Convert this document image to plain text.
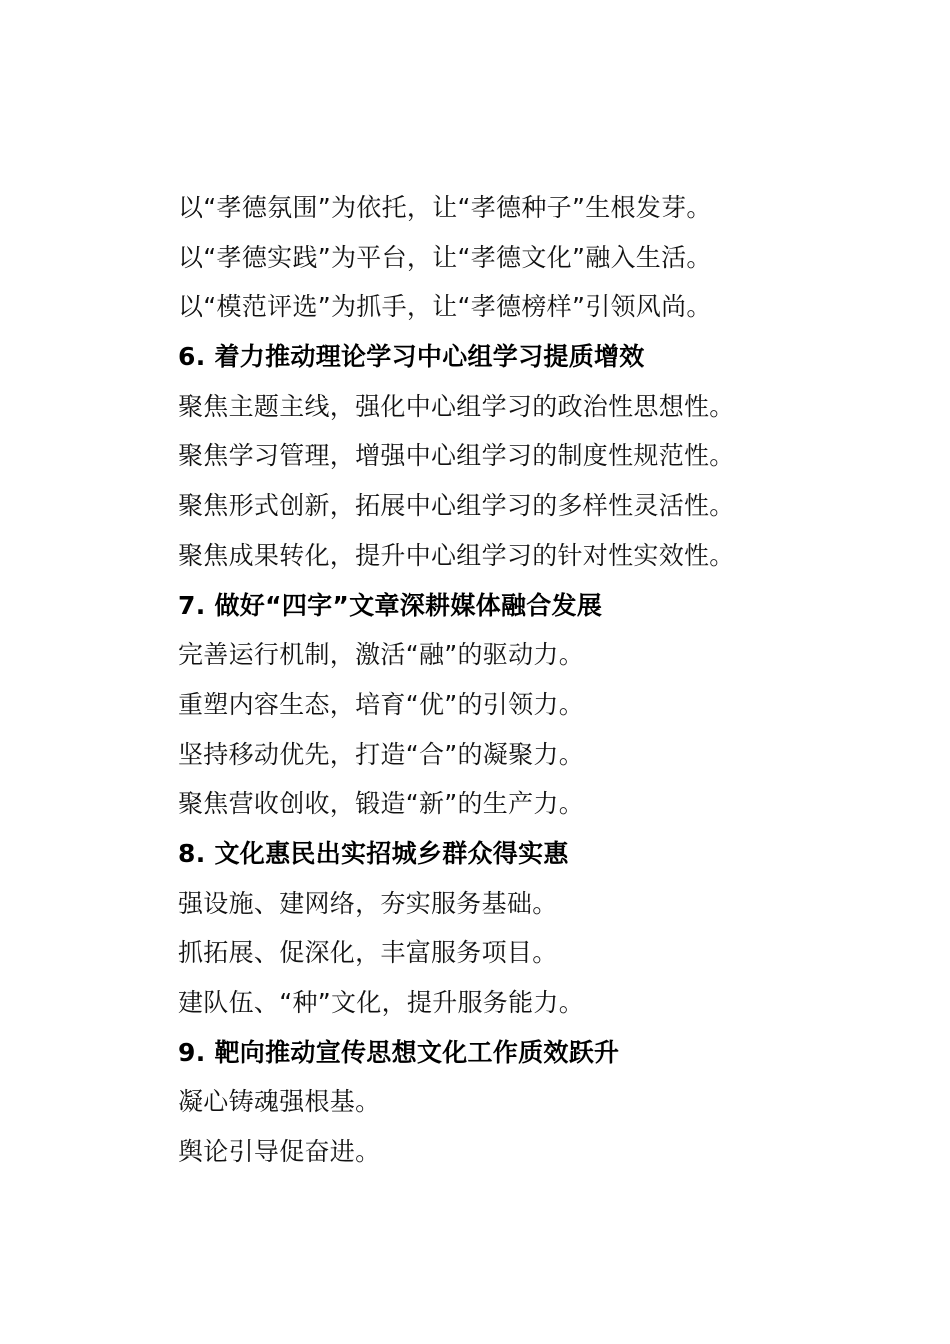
以“孝德氛围”为依托，让“孝德种子”生根发芽。
以“孝德实践”为平台，让“孝德文化”融入生活。
以“模范评选”为抓手，让“孝德榜样”引领风尚。
6. 着力推动理论学习中心组学习提质增效
聚焦主题主线，强化中心组学习的政治性思想性。
聚焦学习管理，增强中心组学习的制度性规范性。
聚焦形式创新，拓展中心组学习的多样性灵活性。
聚焦成果转化，提升中心组学习的针对性实效性。
7. 做好“四字”文章深耕媒体融合发展
完善运行机制，激活“融”的驱动力。
重塑内容生态，培育“优”的引领力。
坚持移动优先，打造“合”的凝聚力。
聚焦营收创收，锻造“新”的生产力。
8. 文化惠民出实招城乡群众得实惠
强设施、建网络，夯实服务基础。
抓拓展、促深化，丰富服务项目。
建队伍、“种”文化，提升服务能力。
9. 靶向推动宣传思想文化工作质效跃升
凝心铸魂强根基。
舆论引导促奋进。
